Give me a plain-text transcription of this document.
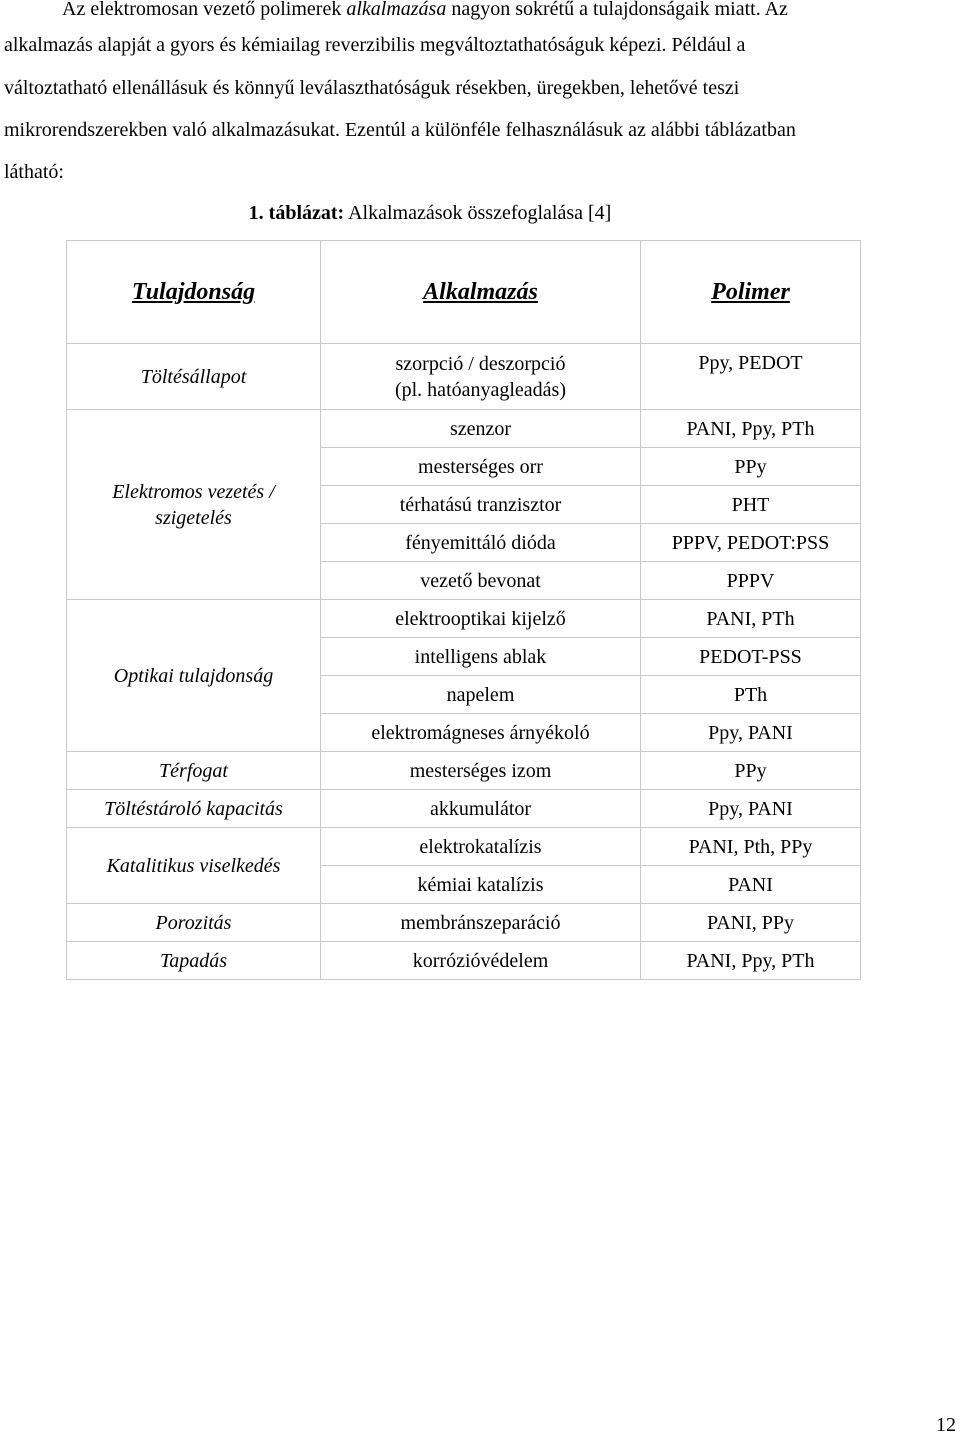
Az elektromosan vezető polimerek alkalmazása nagyon sokrétű a tulajdonságaik miatt. Az
alkalmazás alapját a gyors és kémiailag reverzibilis megváltoztathatóságuk képezi. Például a
változtatható ellenállásuk és könnyű leválaszthatóságuk résekben, üregekben, lehetővé teszi
mikrorendszerekben való alkalmazásukat. Ezentúl a különféle felhasználásuk az alábbi táblázatban
látható:
1. táblázat: Alkalmazások összefoglalása [4]
Tulajdonság	Alkalmazás	Polimer
Töltésállapot	szorpció / deszorpció (pl. hatóanyagleadás)	Ppy, PEDOT
Elektromos vezetés / szigetelés	szenzor	PANI, Ppy, PTh
	mesterséges orr	PPy
	térhatású tranzisztor	PHT
	fényemittáló dióda	PPPV, PEDOT:PSS
	vezető bevonat	PPPV
Optikai tulajdonság	elektrooptikai kijelző	PANI, PTh
	intelligens ablak	PEDOT-PSS
	napelem	PTh
	elektromágneses árnyékoló	Ppy, PANI
Térfogat	mesterséges izom	PPy
Töltéstároló kapacitás	akkumulátor	Ppy, PANI
Katalitikus viselkedés	elektrokatalízis	PANI, Pth, PPy
	kémiai katalízis	PANI
Porozitás	membránszeparáció	PANI, PPy
Tapadás	korrózióvédelem	PANI, Ppy, PTh
12
